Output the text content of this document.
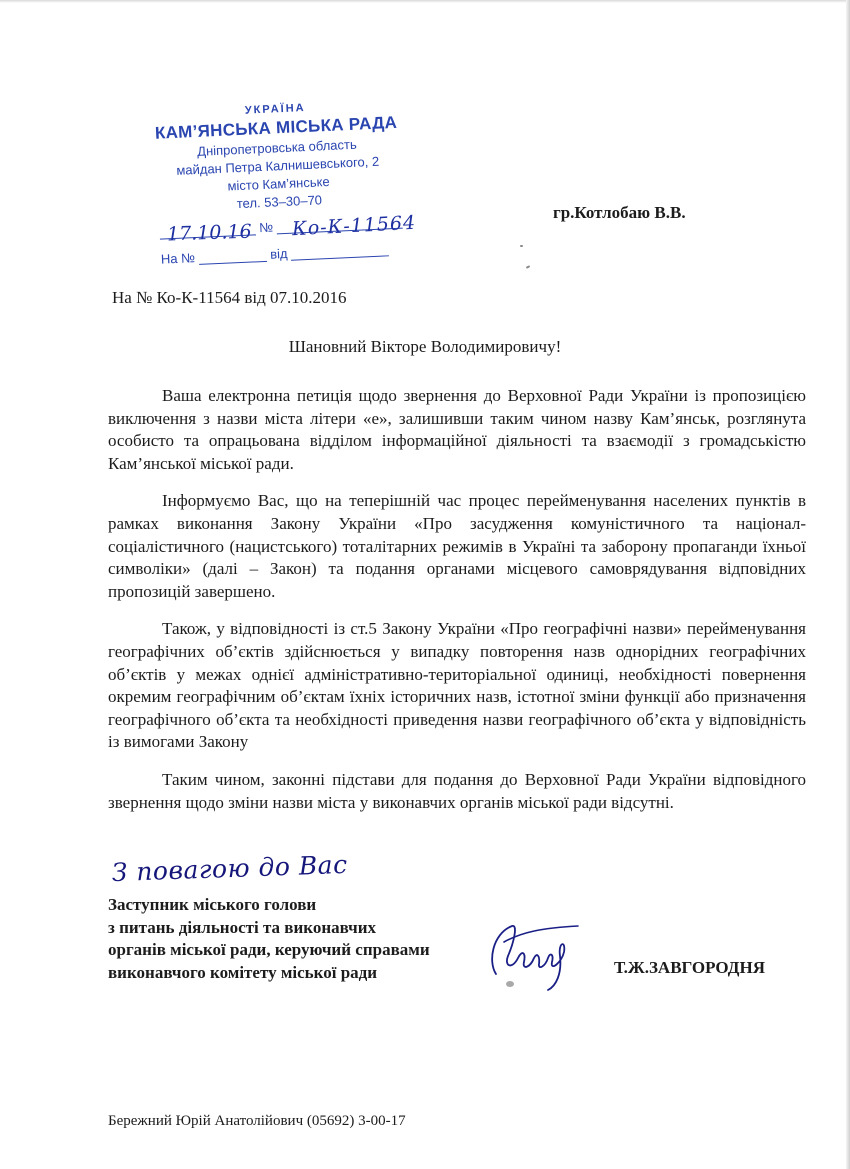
УКРАЇНА
КАМ’ЯНСЬКА МІСЬКА РАДА
Дніпропетровська область
майдан Петра Калнишевського, 2
місто Кам’янське
тел. 53–30–70
№
На №	від
17.10.16 Ко-К-11564	гр.Котлобаю В.В.
На № Ко-К-11564 від 07.10.2016
Шановний Вікторе Володимировичу!

Ваша електронна петиція щодо звернення до Верховної Ради України із пропозицією виключення з назви міста літери «е», залишивши таким чином назву Кам’янськ, розглянута особисто та опрацьована відділом інформаційної діяльності та взаємодії з громадськістю Кам’янської міської ради.

Інформуємо Вас, що на теперішній час процес перейменування населених пунктів в рамках виконання Закону України «Про засудження комуністичного та націонал-соціалістичного (нацистського) тоталітарних режимів в Україні та заборону пропаганди їхньої символіки» (далі – Закон) та подання органами місцевого самоврядування відповідних пропозицій завершено.

Також, у відповідності із ст.5 Закону України «Про географічні назви» перейменування географічних об’єктів здійснюється у випадку повторення назв однорідних географічних об’єктів у межах однієї адміністративно-територіальної одиниці, необхідності повернення окремим географічним об’єктам їхніх історичних назв, істотної зміни функції або призначення географічного об’єкта та необхідності приведення назви географічного об’єкта у відповідність із вимогами Закону

Таким чином, законні підстави для подання до Верховної Ради України відповідного звернення щодо зміни назви міста у виконавчих органів міської ради відсутні.

З повагою до Вас
Заступник міського голови
з питань діяльності та виконавчих
органів міської ради, керуючий справами
виконавчого комітету міської ради	Т.Ж.ЗАВГОРОДНЯ
Бережний Юрій Анатолійович (05692) 3-00-17
